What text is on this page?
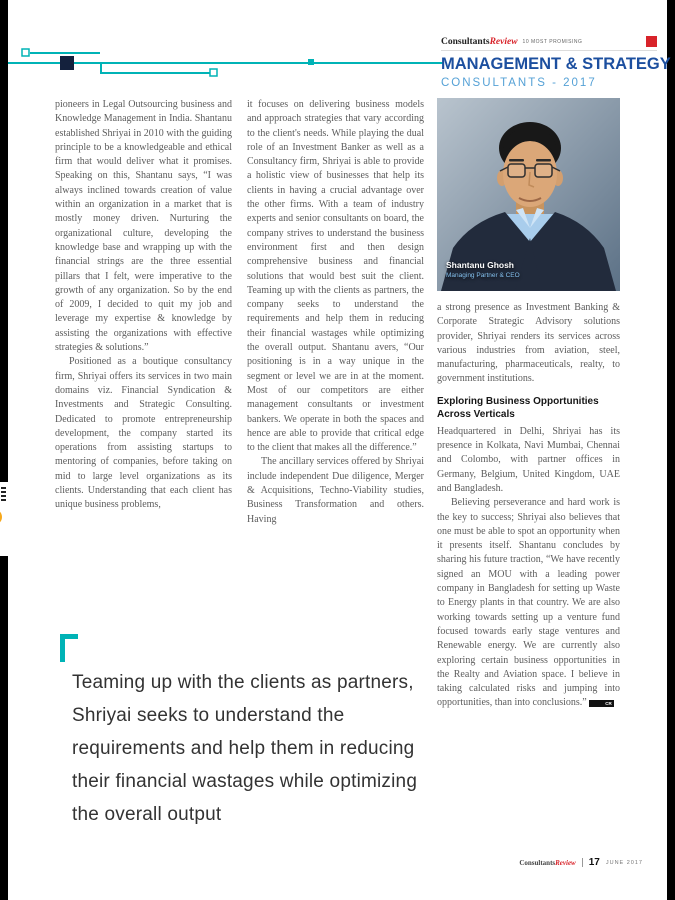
ConsultantsReview 10 MOST PROMISING
MANAGEMENT & STRATEGY
CONSULTANTS - 2017

pioneers in Legal Outsourcing business and Knowledge Management in India. Shantanu established Shriyai in 2010 with the guiding principle to be a knowledgeable and ethical firm that would deliver what it promises. Speaking on this, Shantanu says, “I was always inclined towards creation of value within an organization in a market that is mostly money driven. Nurturing the organizational culture, developing the knowledge base and wrapping up with the financial strings are the three essential pillars that I felt, were imperative to the growth of any organization. So by the end of 2009, I decided to quit my job and leverage my expertise & knowledge by assisting the organizations with effective strategies & solutions.”

Positioned as a boutique consultancy firm, Shriyai offers its services in two main domains viz. Financial Syndication & Investments and Strategic Consulting. Dedicated to promote entrepreneurship development, the company started its operations from assisting startups to mentoring of companies, before taking on mid to large level organizations as its clients. Understanding that each client has unique business problems,

it focuses on delivering business models and approach strategies that vary according to the client's needs. While playing the dual role of an Investment Banker as well as a Consultancy firm, Shriyai is able to provide a holistic view of businesses that help its clients in having a crucial advantage over the other firms. With a team of industry experts and senior consultants on board, the company strives to understand the business environment first and then design comprehensive business and financial solutions that would best suit the client. Teaming up with the clients as partners, the company seeks to understand the requirements and help them in reducing their financial wastages while optimizing the overall output. Shantanu avers, “Our positioning is in a way unique in the segment or level we are in at the moment. Most of our competitors are either management consultants or investment bankers. We operate in both the spaces and hence are able to provide that critical edge to the client that makes all the difference.”

The ancillary services offered by Shriyai include independent Due diligence, Merger & Acquisitions, Techno-Viability studies, Business Transformation and others. Having

Shantanu Ghosh
Managing Partner & CEO

a strong presence as Investment Banking & Corporate Strategic Advisory solutions provider, Shriyai renders its services across various industries from aviation, steel, manufacturing, pharmaceuticals, realty, to government institutions.

Exploring Business Opportunities Across Verticals

Headquartered in Delhi, Shriyai has its presence in Kolkata, Navi Mumbai, Chennai and Colombo, with partner offices in Germany, Belgium, United Kingdom, UAE and Bangladesh.

Believing perseverance and hard work is the key to success; Shriyai also believes that one must be able to spot an opportunity when it presents itself. Shantanu concludes by sharing his future traction, “We have recently signed an MOU with a leading power company in Bangladesh for setting up Waste to Energy plants in that country. We are also working towards setting up a venture fund focused towards early stage ventures and Renewable energy. We are currently also exploring certain business opportunities in the Realty and Aviation space. I believe in taking calculated risks and jumping into opportunities, than into conclusions.”	CR

Teaming up with the clients as partners, Shriyai seeks to understand the requirements and help them in reducing their financial wastages while optimizing the overall output
ConsultantsReview 17 JUNE 2017
